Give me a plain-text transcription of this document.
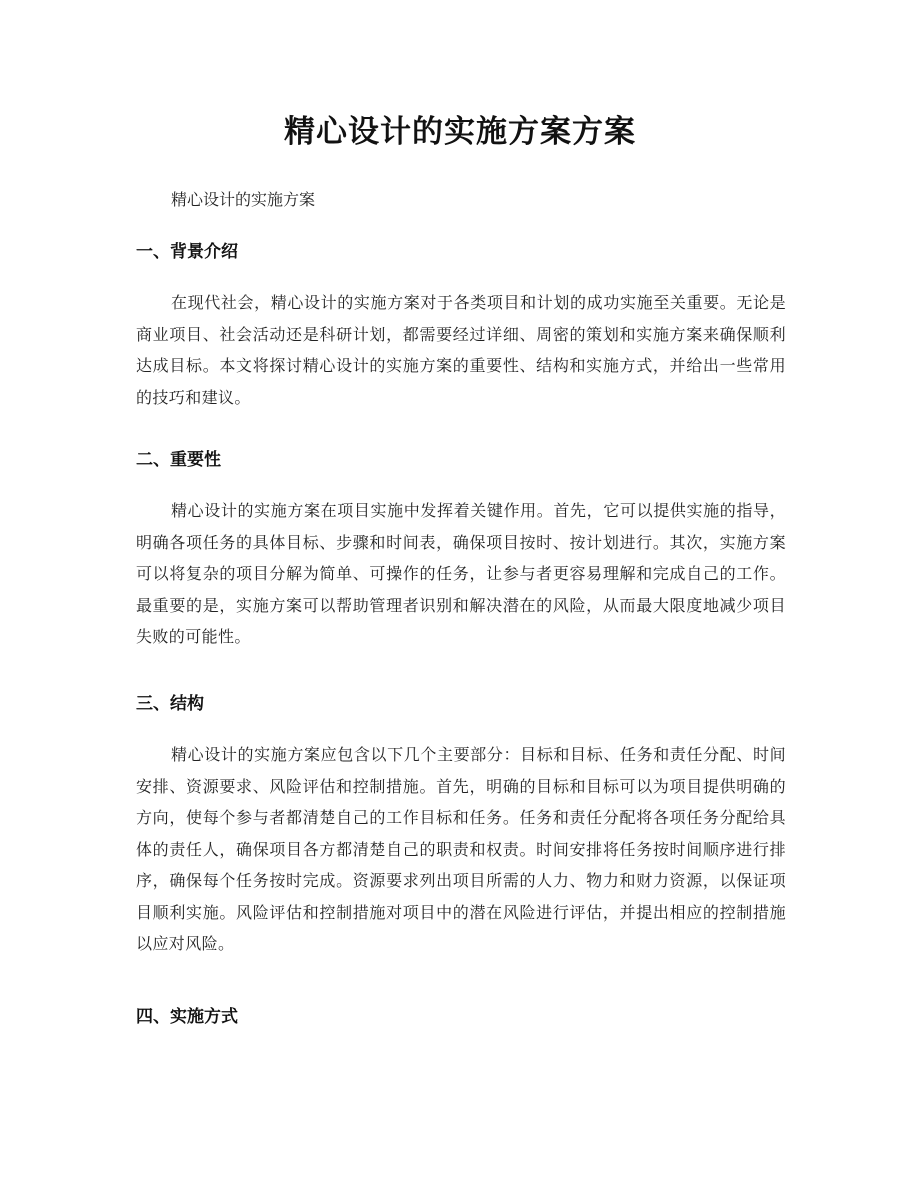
精心设计的实施方案方案
精心设计的实施方案
一、背景介绍
在现代社会，精心设计的实施方案对于各类项目和计划的成功实施至关重要。无论是商业项目、社会活动还是科研计划，都需要经过详细、周密的策划和实施方案来确保顺利达成目标。本文将探讨精心设计的实施方案的重要性、结构和实施方式，并给出一些常用的技巧和建议。
二、重要性
精心设计的实施方案在项目实施中发挥着关键作用。首先，它可以提供实施的指导，明确各项任务的具体目标、步骤和时间表，确保项目按时、按计划进行。其次，实施方案可以将复杂的项目分解为简单、可操作的任务，让参与者更容易理解和完成自己的工作。最重要的是，实施方案可以帮助管理者识别和解决潜在的风险，从而最大限度地减少项目失败的可能性。
三、结构
精心设计的实施方案应包含以下几个主要部分：目标和目标、任务和责任分配、时间安排、资源要求、风险评估和控制措施。首先，明确的目标和目标可以为项目提供明确的方向，使每个参与者都清楚自己的工作目标和任务。任务和责任分配将各项任务分配给具体的责任人，确保项目各方都清楚自己的职责和权责。时间安排将任务按时间顺序进行排序，确保每个任务按时完成。资源要求列出项目所需的人力、物力和财力资源，以保证项目顺利实施。风险评估和控制措施对项目中的潜在风险进行评估，并提出相应的控制措施以应对风险。
四、实施方式
